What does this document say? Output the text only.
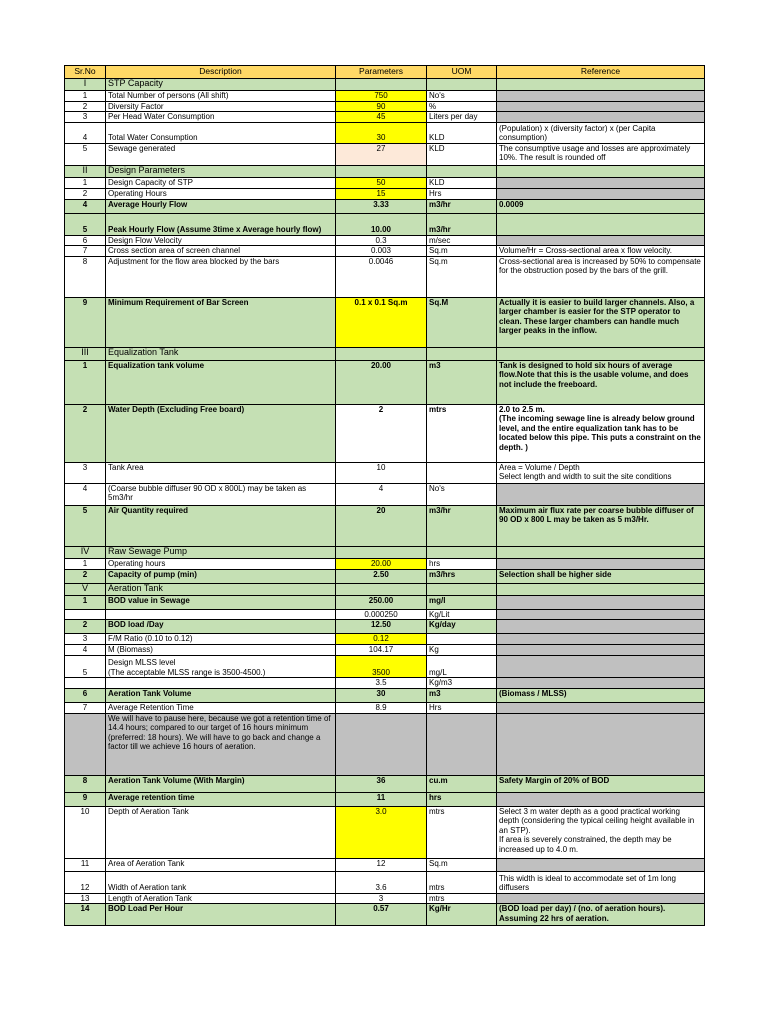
Sr.No	Description	Parameters	UOM	Reference
I	STP Capacity			
1	Total Number of persons (All shift)	750	No's	
2	Diversity Factor	90	%	
3	Per Head Water Consumption	45	Liters per day	
4	Total Water Consumption	30	KLD	(Population) x (diversity factor) x (per Capita consumption)
5	Sewage generated	27	KLD	The consumptive usage and losses are approximately 10%. The result is rounded off
II	Design Parameters			
1	Design Capacity of STP	50	KLD	
2	Operating Hours	15	Hrs	
4	Average Hourly Flow	3.33	m3/hr	0.0009
5	Peak Hourly Flow (Assume 3time x Average hourly flow)	10.00	m3/hr	
6	Design Flow Velocity	0.3	m/sec	
7	Cross section area of screen channel	0.003	Sq.m	Volume/Hr = Cross-sectional area x flow velocity.
8	Adjustment for the flow area blocked by the bars	0.0046	Sq.m	Cross-sectional area is increased by 50% to compensate for the obstruction posed by the bars of the grill.
9	Minimum Requirement of Bar Screen	0.1 x 0.1 Sq.m	Sq.M	Actually it is easier to build larger channels. Also, a larger chamber is easier for the STP operator to clean. These larger chambers can handle much larger peaks in the inflow.
III	Equalization Tank			
1	Equalization tank volume	20.00	m3	Tank is designed to hold six hours of average flow.Note that this is the usable volume, and does not include the freeboard.
2	Water Depth (Excluding Free board)	2	mtrs	2.0 to 2.5 m.
(The incoming sewage line is already below ground level, and the entire equalization tank has to be located below this pipe. This puts a constraint on the depth. )
3	Tank Area	10		Area = Volume / Depth
Select length and width to suit the site conditions
4	(Coarse bubble diffuser 90 OD x 800L) may be taken as 5m3/hr	4	No's	
5	Air Quantity required	20	m3/hr	Maximum air flux rate per coarse bubble diffuser of 90 OD x 800 L may be taken as 5 m3/Hr.
IV	Raw Sewage Pump			
1	Operating hours	20.00	hrs	
2	Capacity of pump (min)	2.50	m3/hrs	Selection shall be higher side
V	Aeration Tank			
1	BOD value in Sewage	250.00	mg/l	
		0.000250	Kg/Lit	
2	BOD load /Day	12.50	Kg/day	
3	F/M Ratio (0.10 to 0.12)	0.12		
4	M (Biomass)	104.17	Kg	
5	Design MLSS level
(The acceptable MLSS range is 3500-4500.)	3500	mg/L	
		3.5	Kg/m3	
6	Aeration Tank Volume	30	m3	(Biomass / MLSS)
7	Average Retention Time	8.9	Hrs	
	We will have to pause here, because we got a retention time of 14.4 hours; compared to our target of 16 hours minimum (preferred: 18 hours). We will have to go back and change a factor till we achieve 16 hours of aeration.			
8	Aeration Tank Volume (With Margin)	36	cu.m	Safety Margin of 20% of BOD
9	Average retention time	11	hrs	
10	Depth of Aeration Tank	3.0	mtrs	Select 3 m water depth as a good practical working depth (considering the typical ceiling height available in an STP).
If area is severely constrained, the depth may be increased up to 4.0 m.
11	Area of Aeration Tank	12	Sq.m	
12	Width of Aeration tank	3.6	mtrs	This width is ideal to accommodate set of 1m long diffusers
13	Length of Aeration Tank	3	mtrs	
14	BOD Load Per Hour	0.57	Kg/Hr	(BOD load per day) / (no. of aeration hours). Assuming 22 hrs of aeration.
